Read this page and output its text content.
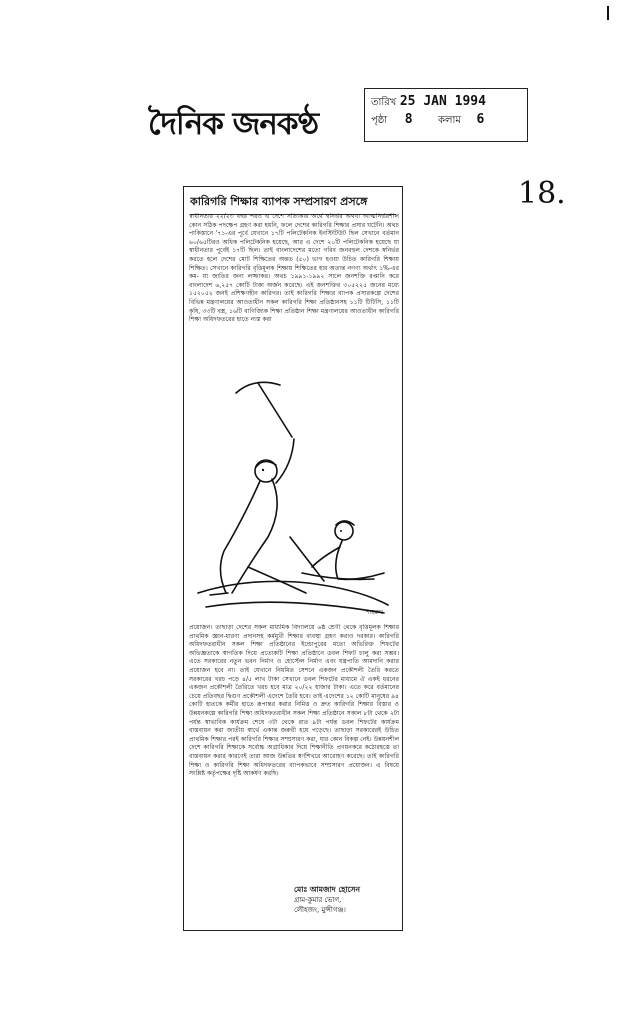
দৈনিক জনকণ্ঠ
তারিখ 25 JAN 1994
পৃষ্ঠা 8	কলাম 6
18.
কারিগরি শিক্ষার ব্যাপক সম্প্রসারণ প্রসঙ্গে
স্বাধীনতার ২২/২৩ বছর পরও এ দেশে সত্যিকার অর্থে স্বনির্ভর অথবা আত্মনির্ভরশীল কোন সঠিক পদক্ষেপ গ্রহণ করা হয়নি, ফলে দেশের কারিগরি শিক্ষার প্রসার ঘটেনি। অথচ পাকিস্তানে '৭১-এর পূর্বে যেখানে ১৭টি পলিটেকনিক ইনস্টিটিউট ছিল সেখানে বর্তমান ৬০/৬৫টিরও অধিক পলিটেকনিক হয়েছে, আর এ দেশে ২০টি পলিটেকনিক হয়েছে যা স্বাধীনতার পূর্বেই ১৭টি ছিল। তাই বাংলাদেশের মতো গরিব জনবহুল দেশকে স্বনির্ভর করতে হলে দেশের মোট শিক্ষিতের অন্তত (৫০) ভাগ হওয়া উচিত কারিগরি শিক্ষায় শিক্ষিত। সেখানে কারিগরি বৃত্তিমূলক শিক্ষায় শিক্ষিতের হার অত্যন্ত নগণ্য অর্থাৎ ১%-এর কম- যা জাতির জন্য লজ্জাকর। অথচ ১৯৯১-১৯৯২ সালে জনশক্তি রপ্তানি করে বাংলাদেশ ৬,২৫৭ কোটি টাকা অর্জন করেছে। এই জনশক্তির ৩০৫২২৫ জনের মধ্যে ১৫২০৫২ জনই প্রশিক্ষণহীন কারিগর। তাই কারিগরি শিক্ষার ব্যাপক প্রসারকল্পে দেশের বিভিন্ন মন্ত্রণালয়ের আওতাধীন সকল কারিগরি শিক্ষা প্রতিষ্ঠানসহ ১১টি টিটিসি, ১১টি কৃষি, ৩৩টি বস্ত্র, ১৬টি বাণিজ্যিক শিক্ষা প্রতিষ্ঠান শিক্ষা মন্ত্রণালয়ের আওতাধীন কারিগরি শিক্ষা অধিদফতরের হাতে ন্যস্ত করা
শাহরুখ
প্রয়োজন। তাছাড়া দেশের সকল মাধ্যমিক বিদ্যালয়ে ৬ষ্ঠ শ্রেণী থেকে বৃত্তিমূলক শিক্ষার প্রাথমিক জ্ঞান-ধারণা প্রদানসহ কর্মমুখী শিক্ষার ব্যবস্থা গ্রহণ করাও দরকার। কারিগরি অধিদফতরাধীন সকল শিক্ষা প্রতিষ্ঠানের ইন্ডোপুরের মতো অভিরিক্ত শিফটের অভিজ্ঞতাকে স্বাগতিক দিয়ে প্রত্যেকটি শিক্ষা প্রতিষ্ঠানে ডবল শিফট চালু করা সম্ভব। এতে সরকারের নতুন ভবন নির্মাণ ও হোস্টেল নির্মাণ এবং যন্ত্রপাতি আমদানি করার প্রয়োজন হবে না। তাই যেখানে নিয়মিত সেশনে একজন প্রকৌশলী তৈরি করতে সরকারের খরচ পড়ে ৪/৫ লাখ টাকা সেখানে ডবল শিফটের মাধ্যমে ঐ একই ধরনের একজন প্রকৌশলী তৈরিতে খরচ হবে মাত্র ২০/২২ হাজার টাকা। এতে করে বর্তমানের চেয়ে প্রতিবছর দ্বিগুণ প্রকৌশলী এদেশে তৈরি হবে। তাই এদেশের ১২ কোটি মানুষের ৯৪ কোটি হাতকে কর্মীর হাতে রূপান্তর করার নিমিত্ত ও দ্রুত কারিগরি শিক্ষার বিস্তার ও উন্নয়নকল্পে কারিগরি শিক্ষা অধিদফতরাধীন সকল শিক্ষা প্রতিষ্ঠানে সকাল ৮টা থেকে ২টা পর্যন্ত স্বাভাবিক কার্যক্রম শেষে ৩টা থেকে রাত ৯টা পর্যন্ত ডবল শিফটের কার্যক্রম বাস্তবায়ন করা জাতীয় স্বার্থে একান্ত জরুরী হয়ে পড়েছে। তাছাড়া সরকারেরই উচিত প্রাথমিক শিক্ষার পরই কারিগরি শিক্ষার সম্প্রসারণ করা, যার কোন বিকল্প নেই। উন্নয়নশীল দেশে কারিগরি শিক্ষাকে সর্বোচ্চ অগ্রাধিকার দিয়ে শিক্ষানীতি প্রণয়নকরে কঠোরহস্তে তা বাস্তবায়ন করার কারণেই তারা আজ উন্নতির স্বর্ণশিখরে আরোহণ করেছে। তাই কারিগরি শিক্ষা ও কারিগরি শিক্ষা অধিদফতরের ব্যাপকভাবে সম্প্রসারণ প্রয়োজন। এ বিষয়ে সংশ্লিষ্ট কর্তৃপক্ষের দৃষ্টি আকর্ষণ করছি।
মোঃ আমজাদ হোসেন
গ্রাম-কুমার ভোগ,
লৌহজং, মুন্সীগঞ্জ।
